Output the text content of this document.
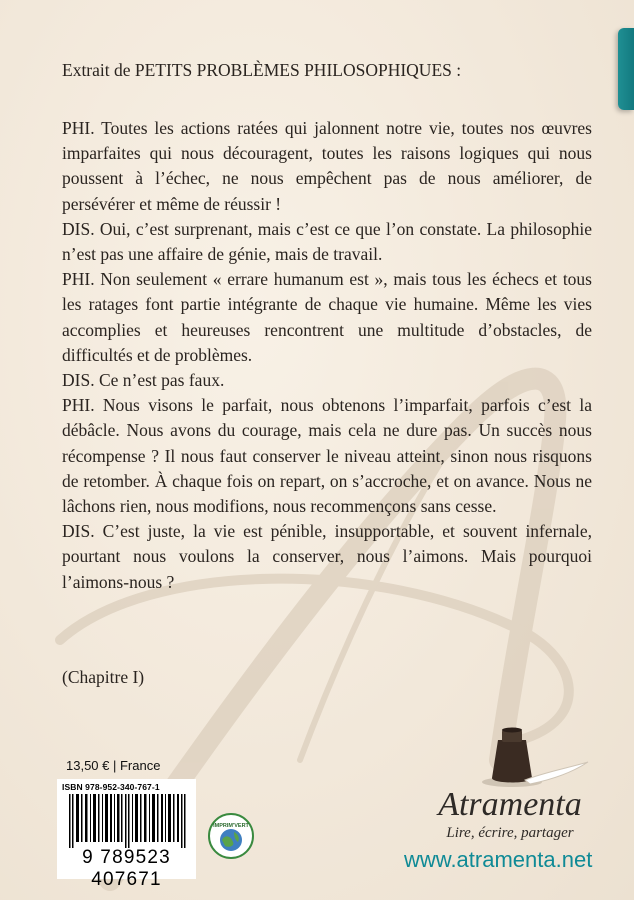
Extrait de PETITS PROBLÈMES PHILOSOPHIQUES :

PHI. Toutes les actions ratées qui jalonnent notre vie, toutes nos œuvres imparfaites qui nous découragent, toutes les raisons logiques qui nous poussent à l’échec, ne nous empêchent pas de nous améliorer, de persévérer et même de réussir !

DIS. Oui, c’est surprenant, mais c’est ce que l’on constate. La philosophie n’est pas une affaire de génie, mais de travail.

PHI. Non seulement « errare humanum est », mais tous les échecs et tous les ratages font partie intégrante de chaque vie humaine. Même les vies accomplies et heureuses rencontrent une multitude d’obstacles, de difficultés et de problèmes.

DIS. Ce n’est pas faux.

PHI. Nous visons le parfait, nous obtenons l’imparfait, parfois c’est la débâcle. Nous avons du courage, mais cela ne dure pas. Un succès nous récompense ? Il nous faut conserver le niveau atteint, sinon nous risquons de retomber. À chaque fois on repart, on s’accroche, et on avance. Nous ne lâchons rien, nous modifions, nous recommençons sans cesse.

DIS. C’est juste, la vie est pénible, insupportable, et souvent infernale, pourtant nous voulons la conserver, nous l’aimons. Mais pourquoi l’aimons-nous ?

(Chapitre I)
13,50 € | France
ISBN 978-952-340-767-1
9 789523 407671
IMPRIM'VERT
Atramenta
Lire, écrire, partager
www.atramenta.net
